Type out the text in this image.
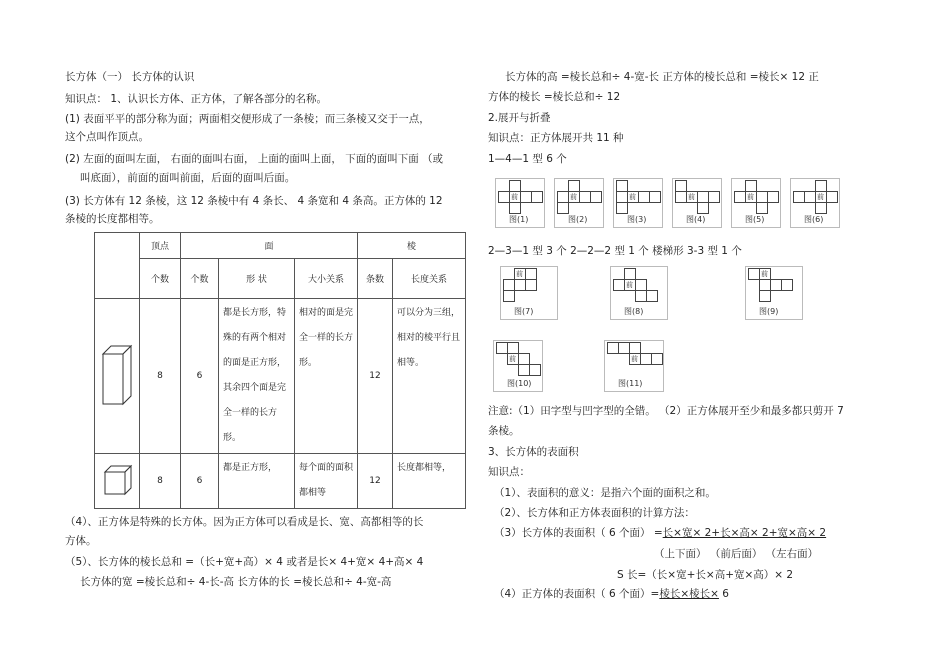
长方体（一） 长方体的认识
知识点： 1、认识长方体、正方体，了解各部分的名称。
(1) 表面平平的部分称为面；两面相交便形成了一条棱；而三条棱又交于一点，
这个点叫作顶点。
(2) 左面的面叫左面， 右面的面叫右面， 上面的面叫上面， 下面的面叫下面 （或
叫底面），前面的面叫前面，后面的面叫后面。
(3) 长方体有 12 条棱，这 12 条棱中有 4 条长、 4 条宽和 4 条高。正方体的 12
条棱的长度都相等。
	顶点	面			棱	
	个数	个数	形 状	大小关系	条数	长度关系
	8	6	都是长方形，特殊的有两个相对的面是正方形，其余四个面是完全一样的长方形。	相对的面是完全一样的长方形。	12	可以分为三组，相对的棱平行且相等。
	8	6	都是正方形，	每个面的面积都相等	12	长度都相等，
（4）、正方体是特殊的长方体。因为正方体可以看成是长、宽、高都相等的长
方体。
（5）、长方体的棱长总和 =（长+宽+高）× 4 或者是长× 4+宽× 4+高× 4
长方体的宽 =棱长总和÷ 4-长-高 长方体的长 =棱长总和÷ 4-宽-高
长方体的高 =棱长总和÷ 4-宽-长 正方体的棱长总和 =棱长× 12 正
方体的棱长 =棱长总和÷ 12
2.展开与折叠
知识点：正方体展开共 11 种
1—4—1 型 6 个
前
图(1)
前
图(2)
前
图(3)
前
图(4)
前
图(5)
前
图(6)
前
图(7)
前
图(8)
前
图(9)
前
图(10)
前
图(11)
2—3—1 型 3 个 2—2—2 型 1 个 楼梯形 3-3 型 1 个
注意:（1）田字型与凹字型的全错。 （2）正方体展开至少和最多都只剪开 7
条棱。
3、长方体的表面积
知识点：
（1）、表面积的意义：是指六个面的面积之和。
（2）、长方体和正方体表面积的计算方法：
（3）长方体的表面积（ 6 个面） =长×宽× 2+长×高× 2+宽×高× 2
（上下面） （前后面） （左右面）
S 长=（长×宽+长×高+宽×高）× 2
（4）正方体的表面积（ 6 个面）=棱长×棱长× 6
